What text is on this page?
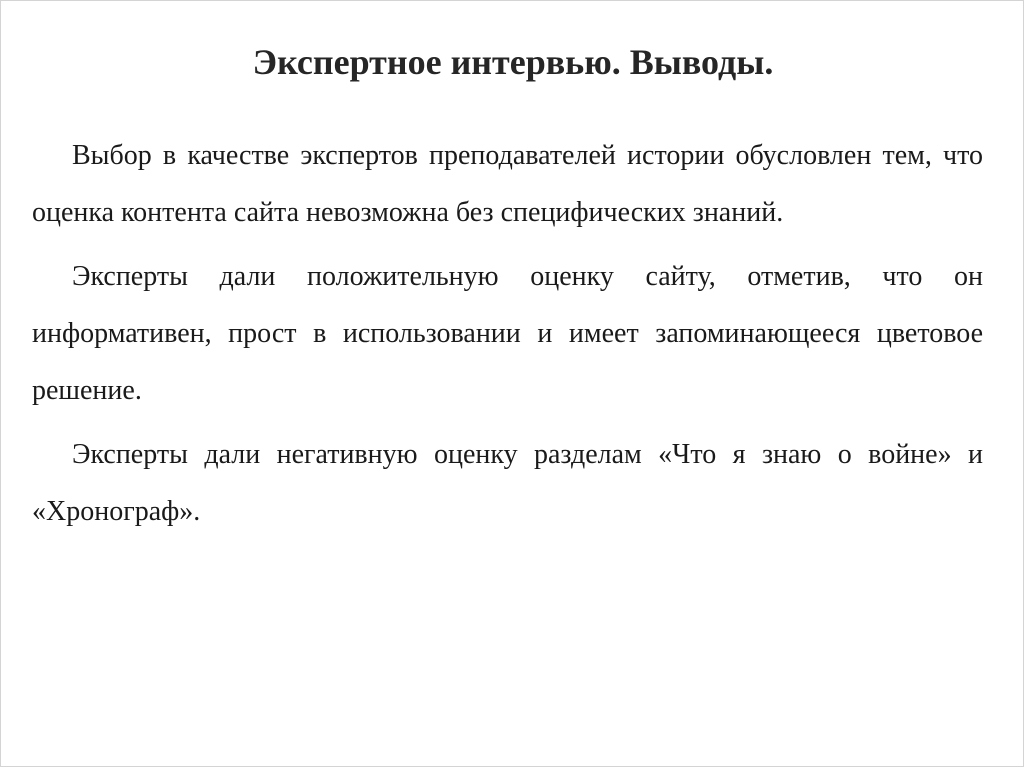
Экспертное интервью. Выводы.

Выбор в качестве экспертов преподавателей истории обусловлен тем, что оценка контента сайта невозможна без специфических знаний.

Эксперты дали положительную оценку сайту, отметив, что он информативен, прост в использовании и имеет запоминающееся цветовое решение.

Эксперты дали негативную оценку разделам «Что я знаю о войне» и «Хронограф».
